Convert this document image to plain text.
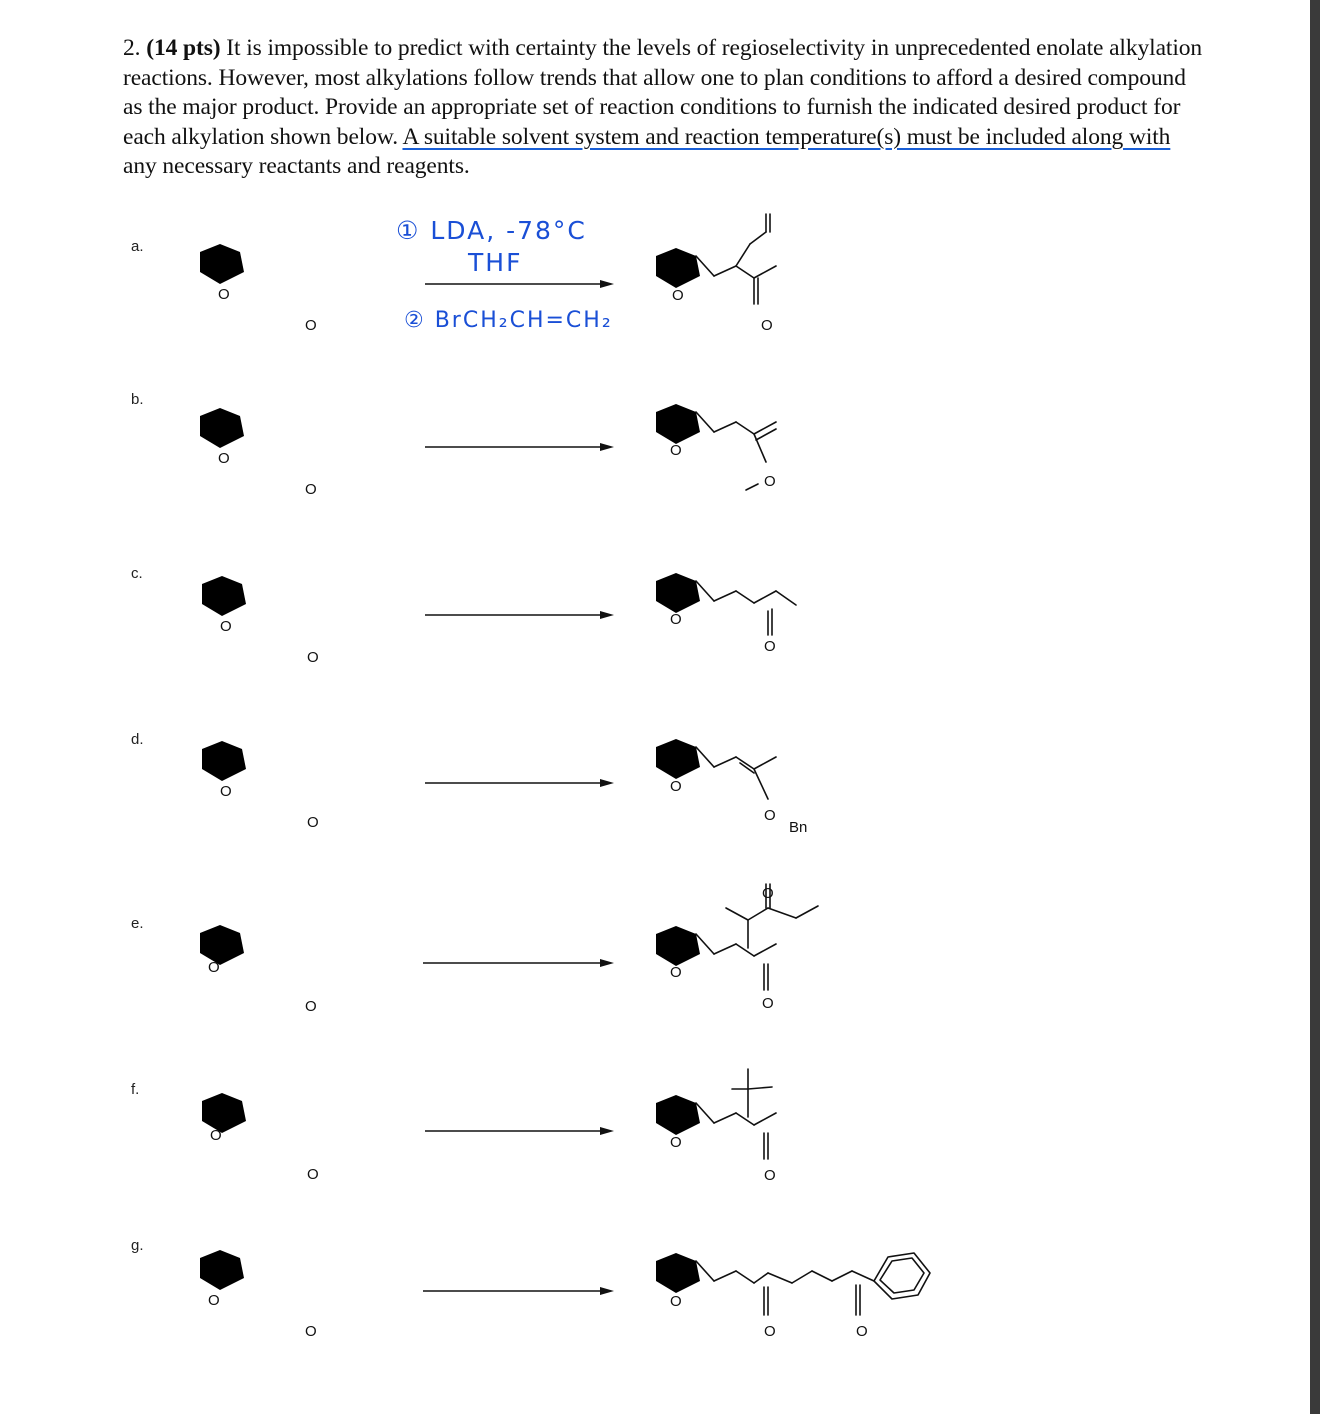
2. (14 pts) It is impossible to predict with certainty the levels of regioselectivity in unprecedented enolate alkylation reactions. However, most alkylations follow trends that allow one to plan conditions to afford a desired compound as the major product. Provide an appropriate set of reaction conditions to furnish the indicated desired product for each alkylation shown below. A suitable solvent system and reaction temperature(s) must be included along with any necessary reactants and reagents.
a.
b.
c.
d.
e.
f.
g.
O
O
O
O
O
O
O
O
O
O
O
O
O
O
O
O
O
O
O
O
O
O
Bn
O
O
O
O
O
O
O	O
① LDA, -78°C
THF
② BrCH₂CH=CH₂
